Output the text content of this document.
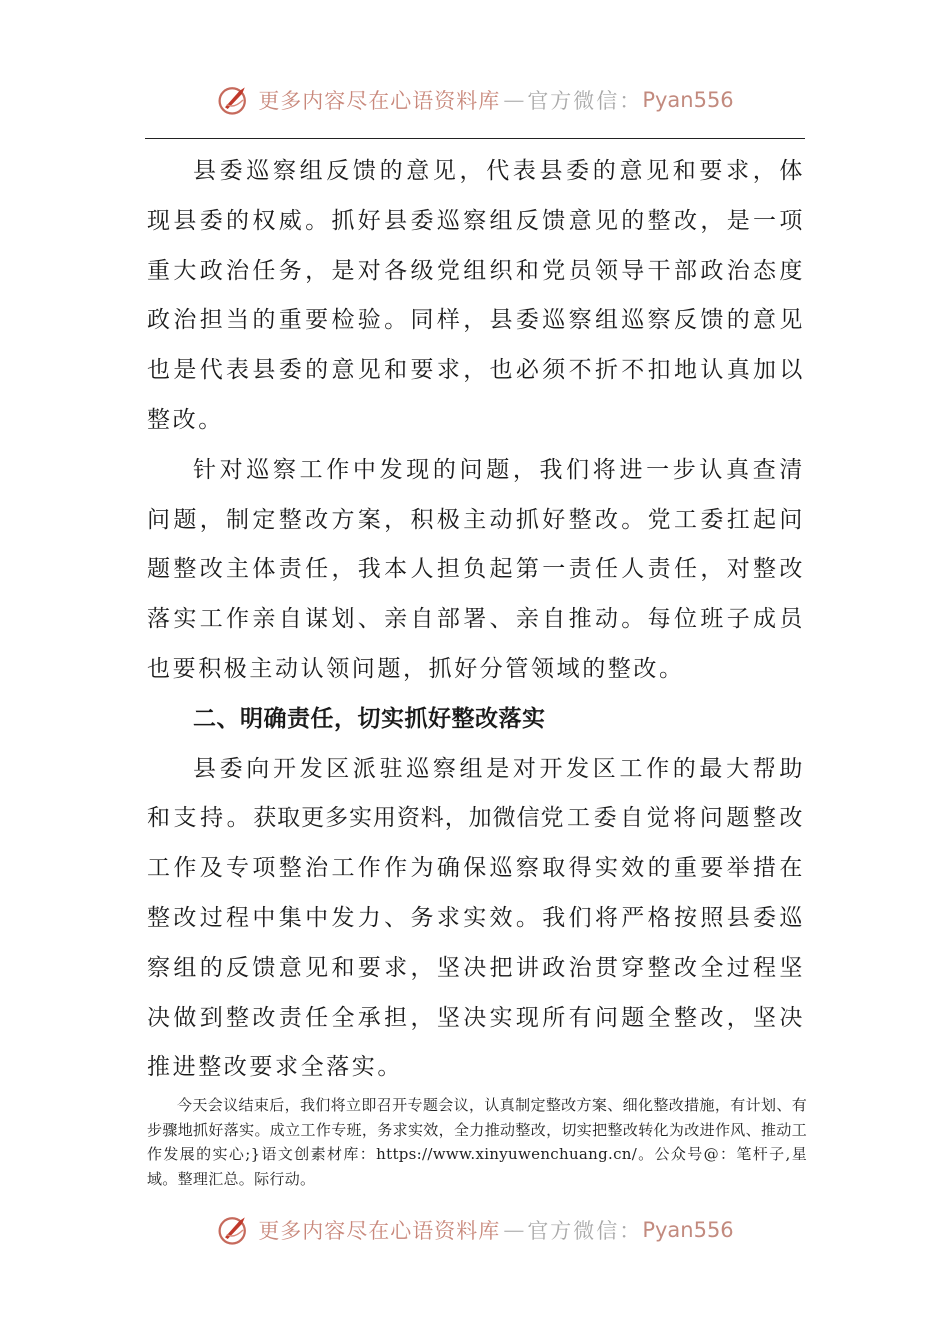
更多内容尽在心语资料库 — 官方微信： Pyan556

县委巡察组反馈的意见，代表县委的意见和要求，体现县委的权威。抓好县委巡察组反馈意见的整改，是一项重大政治任务，是对各级党组织和党员领导干部政治态度政治担当的重要检验。同样，县委巡察组巡察反馈的意见也是代表县委的意见和要求，也必须不折不扣地认真加以整改。

针对巡察工作中发现的问题，我们将进一步认真查清问题，制定整改方案，积极主动抓好整改。党工委扛起问题整改主体责任，我本人担负起第一责任人责任，对整改落实工作亲自谋划、亲自部署、亲自推动。每位班子成员也要积极主动认领问题，抓好分管领域的整改。

二、明确责任，切实抓好整改落实

县委向开发区派驻巡察组是对开发区工作的最大帮助和支持。获取更多实用资料，加微信党工委自觉将问题整改工作及专项整治工作作为确保巡察取得实效的重要举措在整改过程中集中发力、务求实效。我们将严格按照县委巡察组的反馈意见和要求，坚决把讲政治贯穿整改全过程坚决做到整改责任全承担，坚决实现所有问题全整改，坚决推进整改要求全落实。

今天会议结束后，我们将立即召开专题会议，认真制定整改方案、细化整改措施，有计划、有步骤地抓好落实。成立工作专班，务求实效，全力推动整改，切实把整改转化为改进作风、推动工作发展的实心;}语文创素材库：https://www.xinyuwenchuang.cn/。公众号@：笔杆子,星域。整理汇总。际行动。

更多内容尽在心语资料库 — 官方微信： Pyan556
